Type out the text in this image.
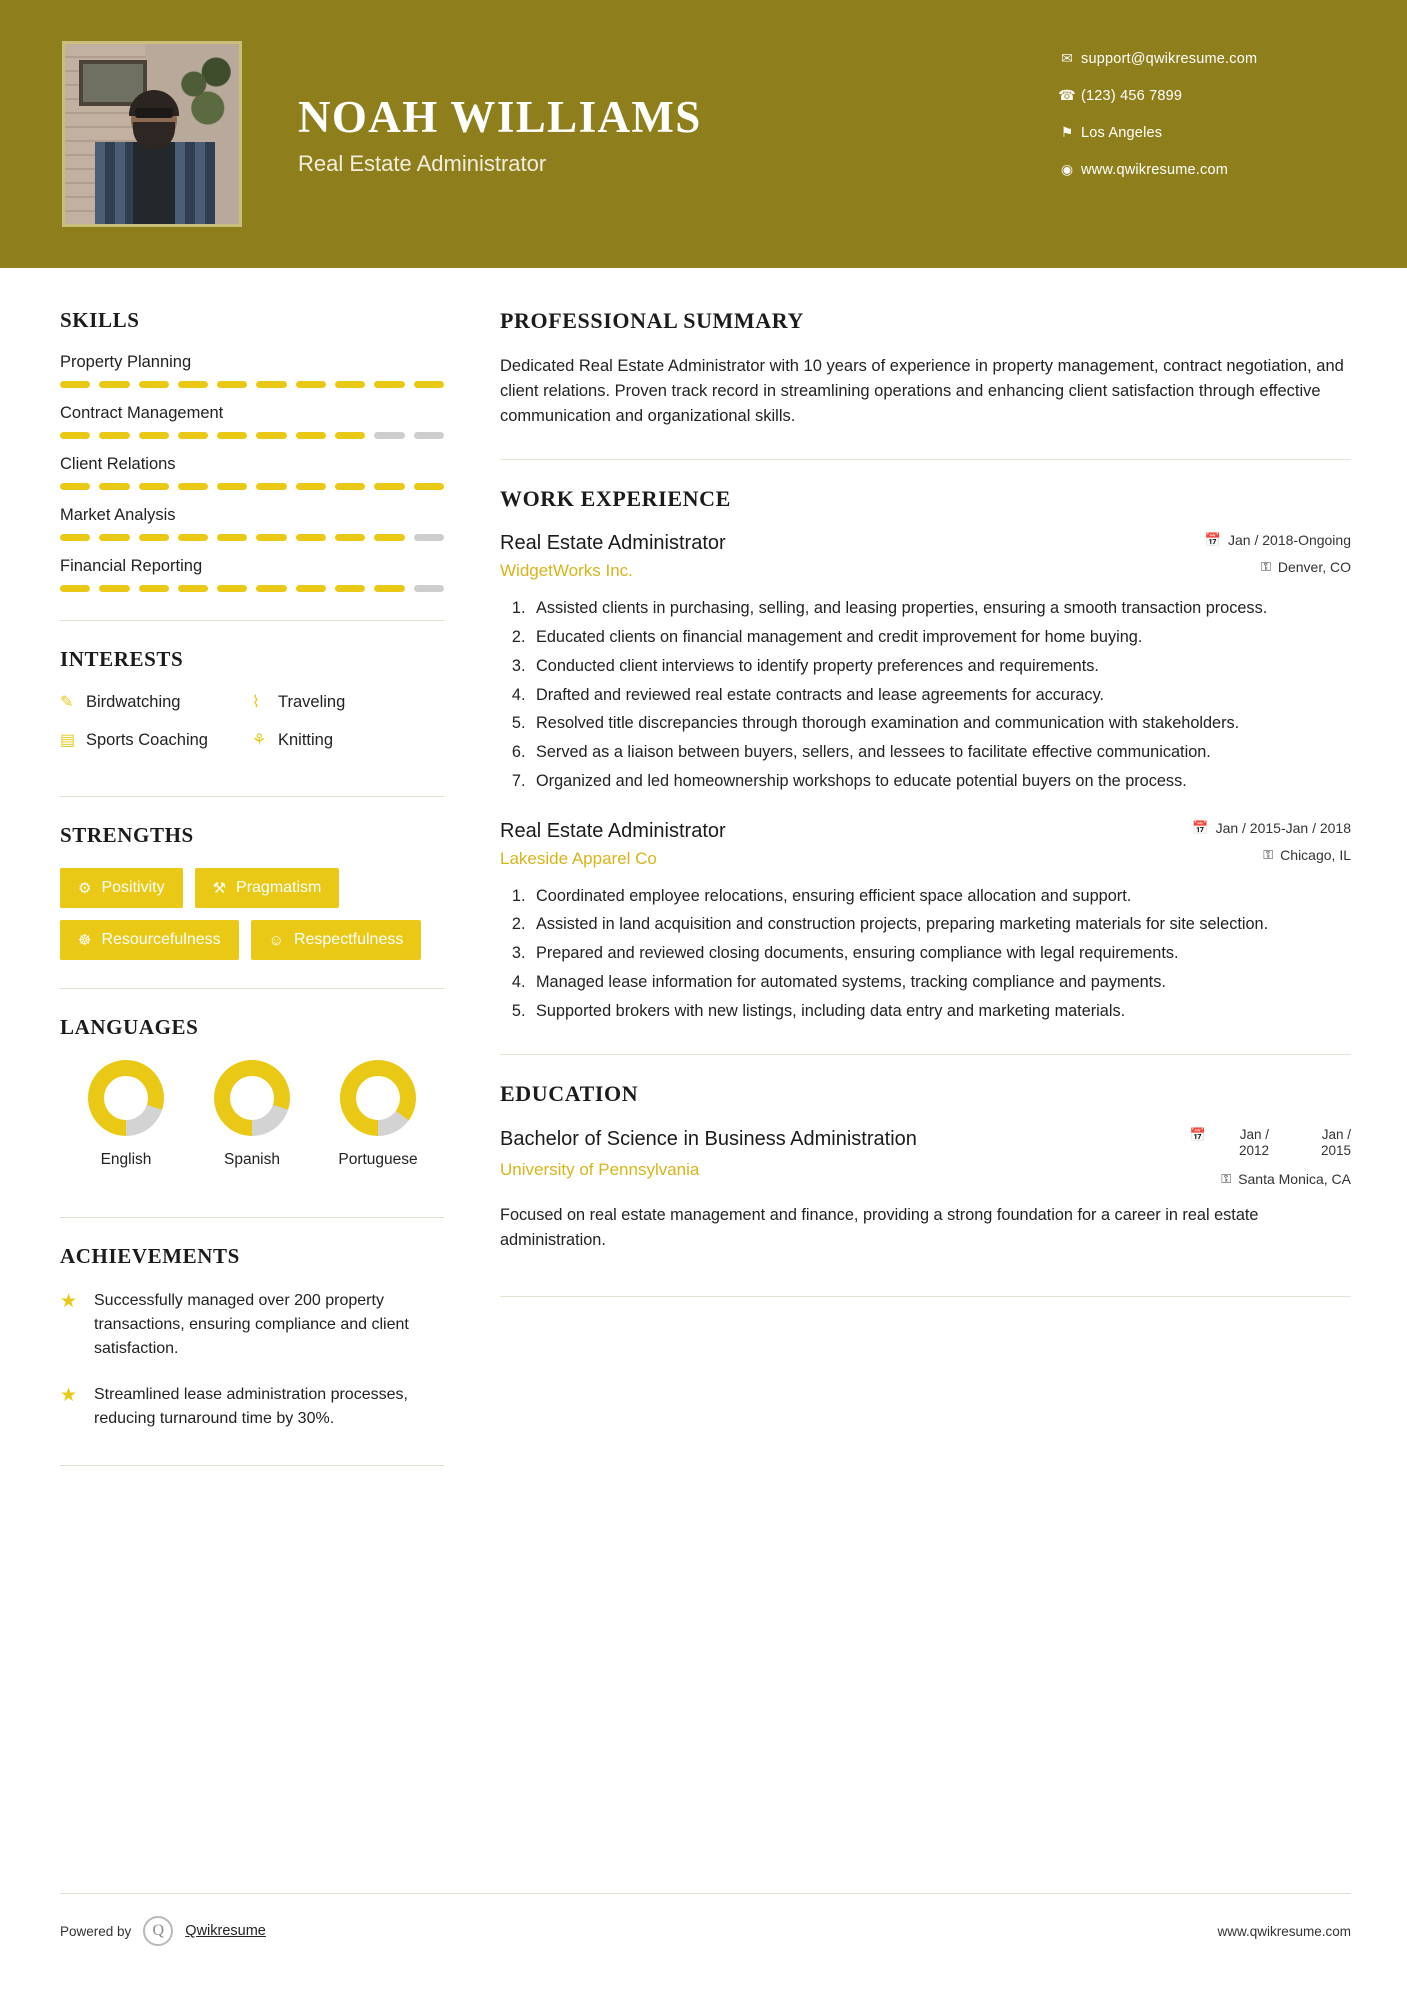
NOAH WILLIAMS
Real Estate Administrator
✉ support@qwikresume.com
☎ (123) 456 7899
⚑ Los Angeles
◉ www.qwikresume.com
SKILLS
Property Planning
Contract Management
Client Relations
Market Analysis
Financial Reporting
INTERESTS
✎ Birdwatching	⌇	Traveling
▤ Sports Coaching	⚘ Knitting
STRENGTHS
⚙ Positivity	⚒ Pragmatism
☸ Resourcefulness	☺ Respectfulness
LANGUAGES
English	Spanish	Portuguese
ACHIEVEMENTS
★	Successfully managed over 200 property transactions, ensuring compliance and client satisfaction.
★	Streamlined lease administration processes, reducing turnaround time by 30%.
PROFESSIONAL SUMMARY
Dedicated Real Estate Administrator with 10 years of experience in property management, contract negotiation, and client relations. Proven track record in streamlining operations and enhancing client satisfaction through effective communication and organizational skills.
WORK EXPERIENCE
Real Estate Administrator
WidgetWorks Inc.
📅 Jan / 2018-Ongoing
⚿ Denver, CO
1. Assisted clients in purchasing, selling, and leasing properties, ensuring a smooth transaction process.
2. Educated clients on financial management and credit improvement for home buying.
3. Conducted client interviews to identify property preferences and requirements.
4. Drafted and reviewed real estate contracts and lease agreements for accuracy.
5. Resolved title discrepancies through thorough examination and communication with stakeholders.
6. Served as a liaison between buyers, sellers, and lessees to facilitate effective communication.
7. Organized and led homeownership workshops to educate potential buyers on the process.
Real Estate Administrator
Lakeside Apparel Co
📅 Jan / 2015-Jan / 2018
⚿ Chicago, IL
1. Coordinated employee relocations, ensuring efficient space allocation and support.
2. Assisted in land acquisition and construction projects, preparing marketing materials for site selection.
3. Prepared and reviewed closing documents, ensuring compliance with legal requirements.
4. Managed lease information for automated systems, tracking compliance and payments.
5. Supported brokers with new listings, including data entry and marketing materials.
EDUCATION
Bachelor of Science in Business Administration
University of Pennsylvania
📅	Jan / 2012
Jan / 2015
⚿ Santa Monica, CA
Focused on real estate management and finance, providing a strong foundation for a career in real estate administration.
Powered by	Q	Qwikresume	www.qwikresume.com
